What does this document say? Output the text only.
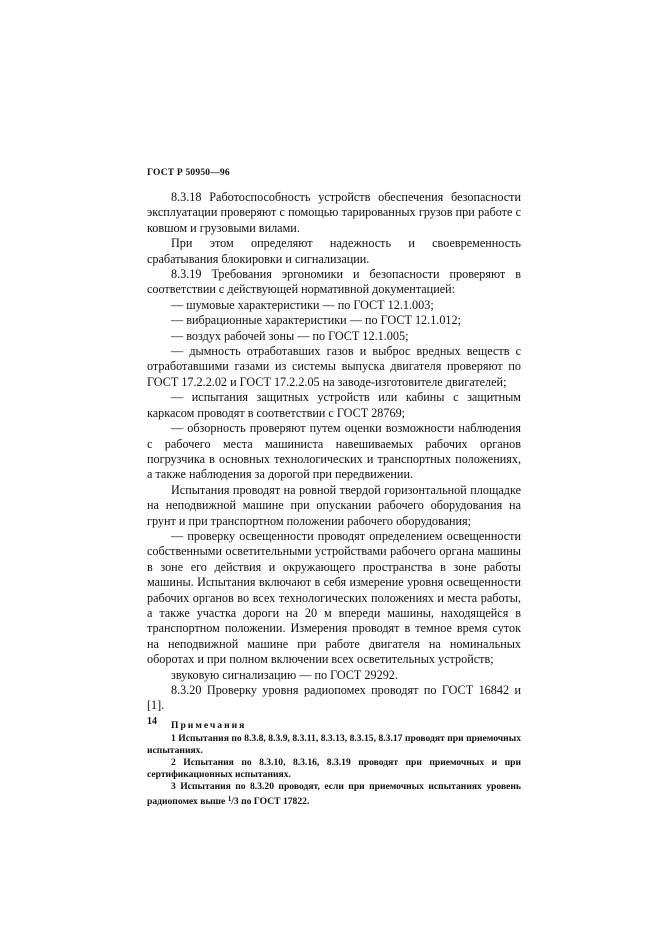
ГОСТ Р 50950—96

8.3.18 Работоспособность устройств обеспечения безопасности эксплуатации проверяют с помощью тарированных грузов при работе с ковшом и грузовыми вилами.

При этом определяют надежность и своевременность срабатывания блокировки и сигнализации.

8.3.19 Требования эргономики и безопасности проверяют в соответствии с действующей нормативной документацией:

— шумовые характеристики — по ГОСТ 12.1.003;

— вибрационные характеристики — по ГОСТ 12.1.012;

— воздух рабочей зоны — по ГОСТ 12.1.005;

— дымность отработавших газов и выброс вредных веществ с отработавшими газами из системы выпуска двигателя проверяют по ГОСТ 17.2.2.02 и ГОСТ 17.2.2.05 на заводе-изготовителе двигателей;

— испытания защитных устройств или кабины с защитным каркасом проводят в соответствии с ГОСТ 28769;

— обзорность проверяют путем оценки возможности наблюдения с рабочего места машиниста навешиваемых рабочих органов погрузчика в основных технологических и транспортных положениях, а также наблюдения за дорогой при передвижении.

Испытания проводят на ровной твердой горизонтальной площадке на неподвижной машине при опускании рабочего оборудования на грунт и при транспортном положении рабочего оборудования;

— проверку освещенности проводят определением освещенности собственными осветительными устройствами рабочего органа машины в зоне его действия и окружающего пространства в зоне работы машины. Испытания включают в себя измерение уровня освещенности рабочих органов во всех технологических положениях и места работы, а также участка дороги на 20 м впереди машины, находящейся в транспортном положении. Измерения проводят в темное время суток на неподвижной машине при работе двигателя на номинальных оборотах и при полном включении всех осветительных устройств;

звуковую сигнализацию — по ГОСТ 29292.

8.3.20 Проверку уровня радиопомех проводят по ГОСТ 16842 и [1].

Примечания

1 Испытания по 8.3.8, 8.3.9, 8.3.11, 8.3.13, 8.3.15, 8.3.17 проводят при приемочных испытаниях.

2 Испытания по 8.3.10, 8.3.16, 8.3.19 проводят при приемочных и при сертификационных испытаниях.

3 Испытания по 8.3.20 проводят, если при приемочных испытаниях уровень радиопомех выше $^1$/3 по ГОСТ 17822.

14
